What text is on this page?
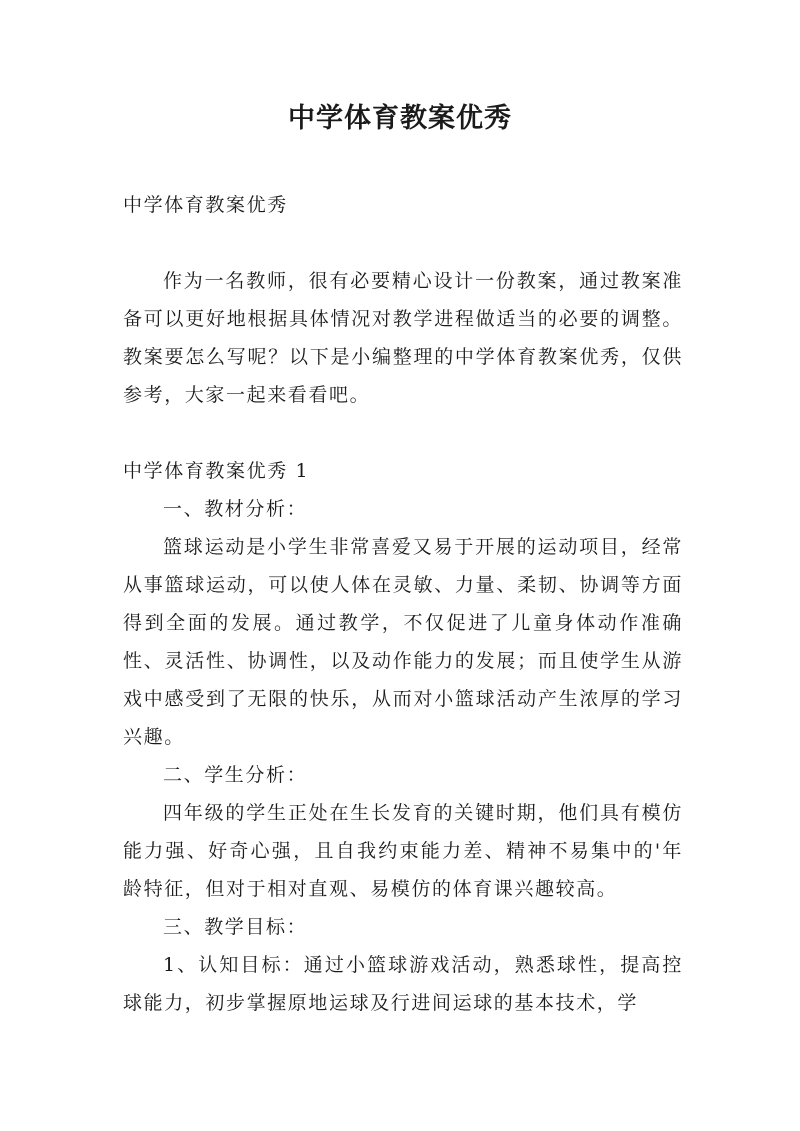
中学体育教案优秀

中学体育教案优秀

作为一名教师，很有必要精心设计一份教案，通过教案准备可以更好地根据具体情况对教学进程做适当的必要的调整。教案要怎么写呢？以下是小编整理的中学体育教案优秀，仅供参考，大家一起来看看吧。

中学体育教案优秀 1

一、教材分析：

篮球运动是小学生非常喜爱又易于开展的运动项目，经常从事篮球运动，可以使人体在灵敏、力量、柔韧、协调等方面得到全面的发展。通过教学，不仅促进了儿童身体动作准确性、灵活性、协调性，以及动作能力的发展；而且使学生从游戏中感受到了无限的快乐，从而对小篮球活动产生浓厚的学习兴趣。

二、学生分析：

四年级的学生正处在生长发育的关键时期，他们具有模仿能力强、好奇心强，且自我约束能力差、精神不易集中的'年龄特征，但对于相对直观、易模仿的体育课兴趣较高。

三、教学目标：

1、认知目标：通过小篮球游戏活动，熟悉球性，提高控球能力，初步掌握原地运球及行进间运球的基本技术，学
